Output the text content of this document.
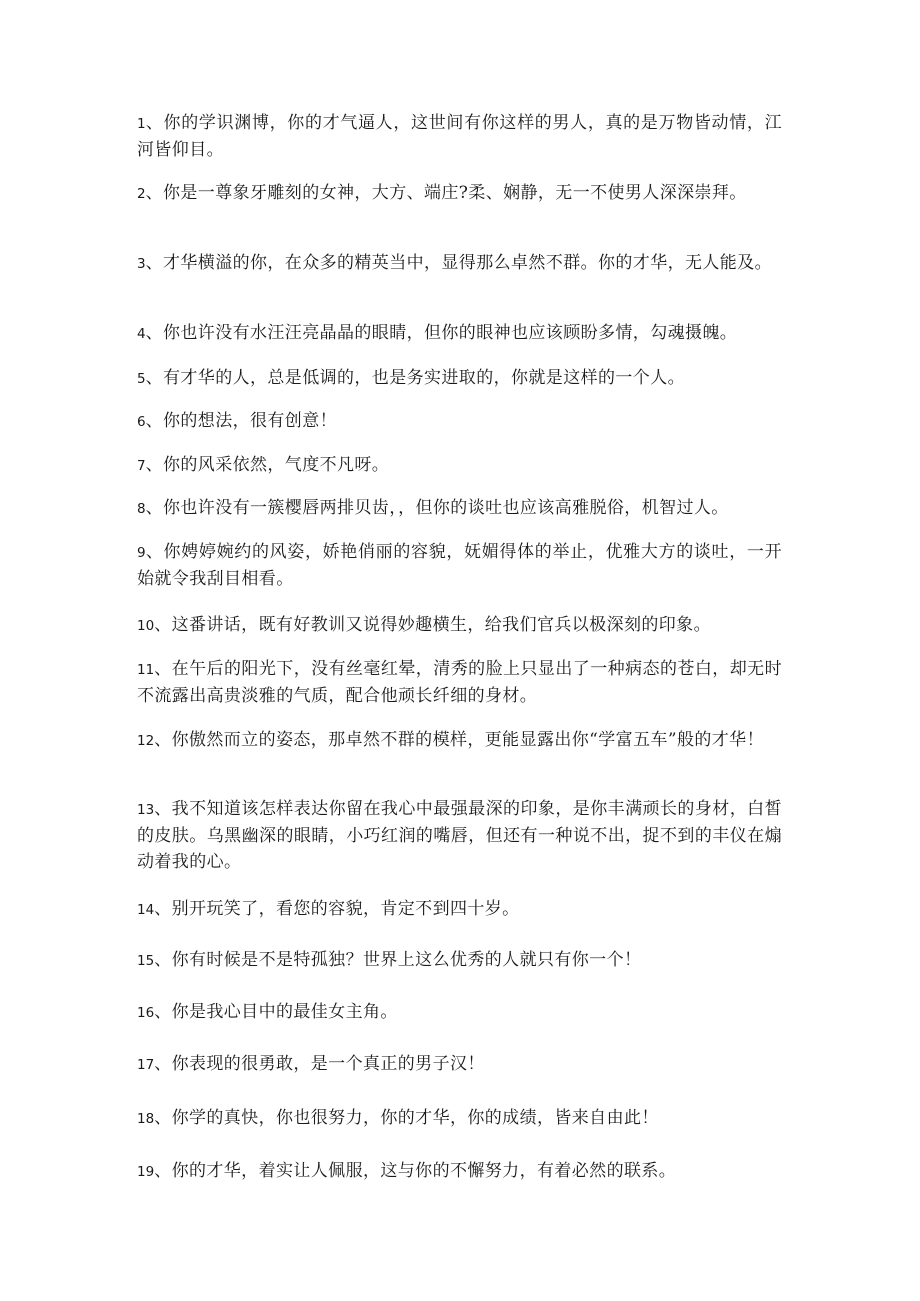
1、你的学识渊博，你的才气逼人，这世间有你这样的男人，真的是万物皆动情，江河皆仰目。

2、你是一尊象牙雕刻的女神，大方、端庄?柔、娴静，无一不使男人深深崇拜。

3、才华横溢的你，在众多的精英当中，显得那么卓然不群。你的才华，无人能及。

4、你也许没有水汪汪亮晶晶的眼睛，但你的眼神也应该顾盼多情，勾魂摄魄。

5、有才华的人，总是低调的，也是务实进取的，你就是这样的一个人。

6、你的想法，很有创意！

7、你的风采依然，气度不凡呀。

8、你也许没有一簇樱唇两排贝齿，，但你的谈吐也应该高雅脱俗，机智过人。

9、你娉婷婉约的风姿，娇艳俏丽的容貌，妩媚得体的举止，优雅大方的谈吐，一开始就令我刮目相看。

10、这番讲话，既有好教训又说得妙趣横生，给我们官兵以极深刻的印象。

11、在午后的阳光下，没有丝毫红晕，清秀的脸上只显出了一种病态的苍白，却无时不流露出高贵淡雅的气质，配合他顽长纤细的身材。

12、你傲然而立的姿态，那卓然不群的模样，更能显露出你“学富五车”般的才华！

13、我不知道该怎样表达你留在我心中最强最深的印象，是你丰满顽长的身材，白皙的皮肤。乌黑幽深的眼睛，小巧红润的嘴唇，但还有一种说不出，捉不到的丰仪在煽动着我的心。

14、别开玩笑了，看您的容貌，肯定不到四十岁。

15、你有时候是不是特孤独？世界上这么优秀的人就只有你一个！

16、你是我心目中的最佳女主角。

17、你表现的很勇敢，是一个真正的男子汉！

18、你学的真快，你也很努力，你的才华，你的成绩，皆来自由此！

19、你的才华，着实让人佩服，这与你的不懈努力，有着必然的联系。
